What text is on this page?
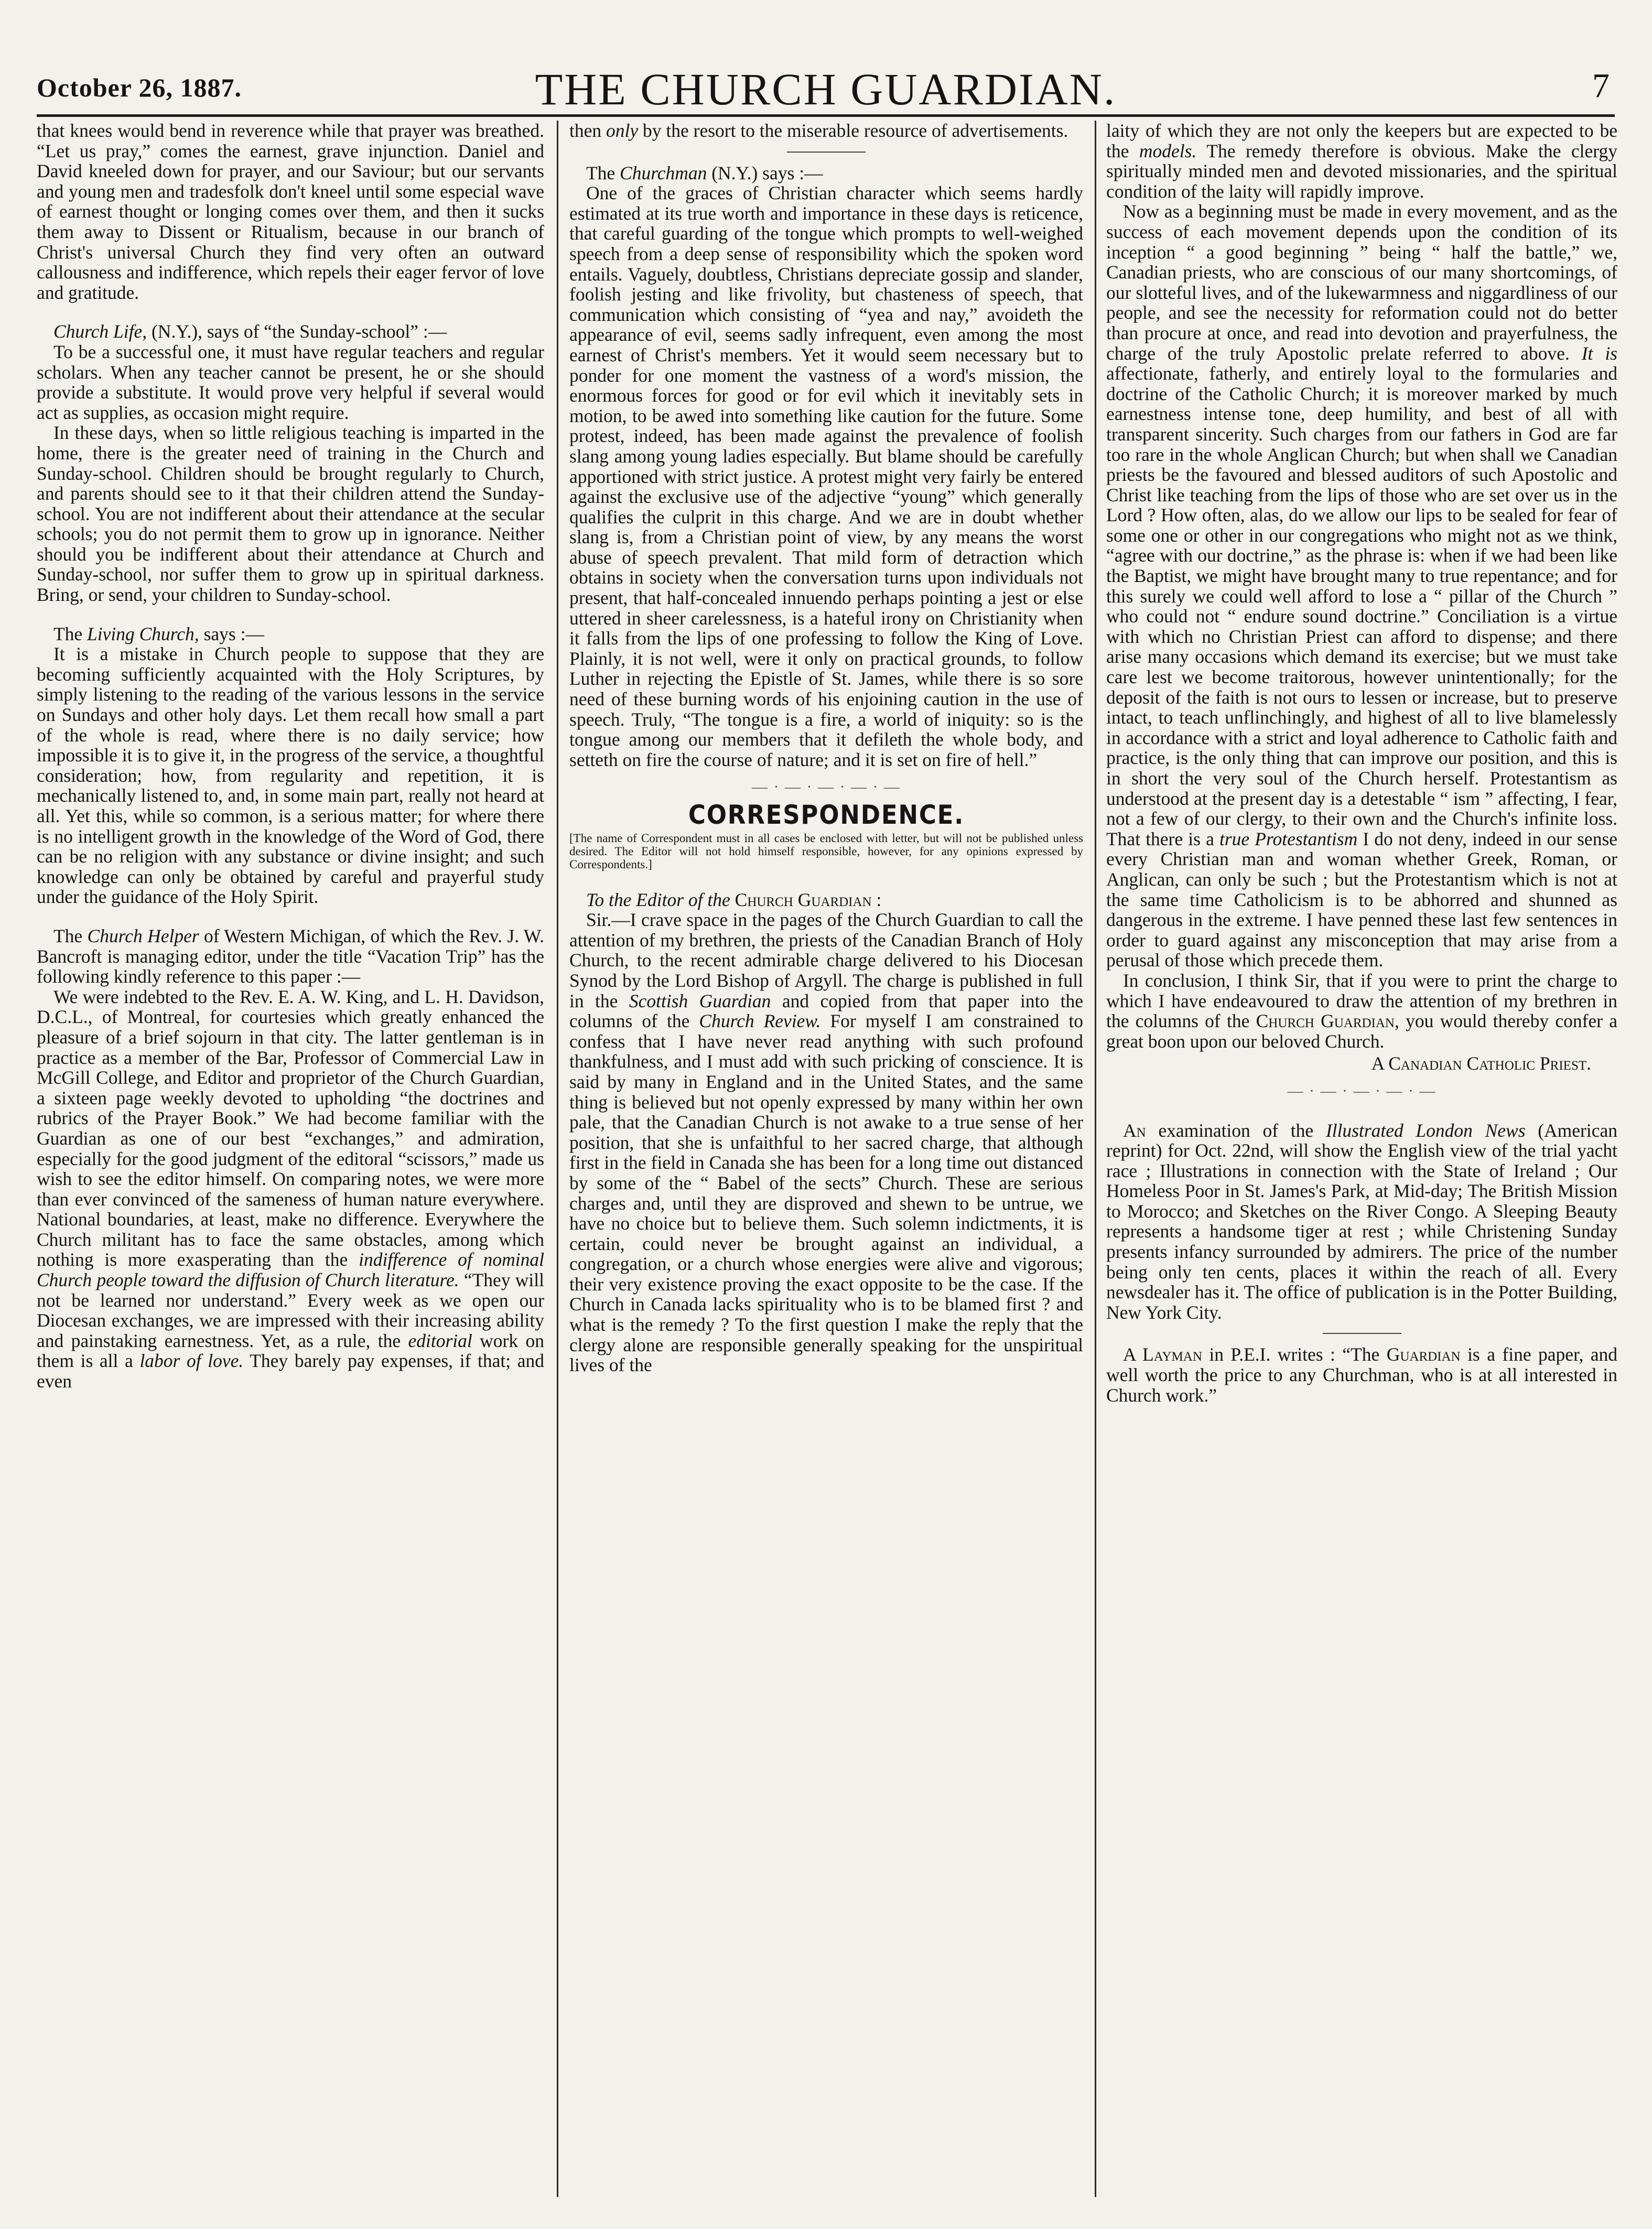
October 26, 1887.	THE CHURCH GUARDIAN.	7

that knees would bend in reverence while that prayer was breathed. “Let us pray,” comes the earnest, grave injunction. Daniel and David kneeled down for prayer, and our Saviour; but our servants and young men and tradesfolk don't kneel until some especial wave of earnest thought or longing comes over them, and then it sucks them away to Dissent or Ritualism, because in our branch of Christ's universal Church they find very often an outward callousness and indifference, which repels their eager fervor of love and gratitude.

Church Life, (N.Y.), says of “the Sunday-school” :—

To be a successful one, it must have regular teachers and regular scholars. When any teacher cannot be present, he or she should provide a substitute. It would prove very helpful if several would act as supplies, as occasion might require.

In these days, when so little religious teaching is imparted in the home, there is the greater need of training in the Church and Sunday-school. Children should be brought regularly to Church, and parents should see to it that their children attend the Sunday-school. You are not indifferent about their attendance at the secular schools; you do not permit them to grow up in ignorance. Neither should you be indifferent about their attendance at Church and Sunday-school, nor suffer them to grow up in spiritual darkness. Bring, or send, your children to Sunday-school.

The Living Church, says :—

It is a mistake in Church people to suppose that they are becoming sufficiently acquainted with the Holy Scriptures, by simply listening to the reading of the various lessons in the service on Sundays and other holy days. Let them recall how small a part of the whole is read, where there is no daily service; how impossible it is to give it, in the progress of the service, a thoughtful consideration; how, from regularity and repetition, it is mechanically listened to, and, in some main part, really not heard at all. Yet this, while so common, is a serious matter; for where there is no intelligent growth in the knowledge of the Word of God, there can be no religion with any substance or divine insight; and such knowledge can only be obtained by careful and prayerful study under the guidance of the Holy Spirit.

The Church Helper of Western Michigan, of which the Rev. J. W. Bancroft is managing editor, under the title “Vacation Trip” has the following kindly reference to this paper :—

We were indebted to the Rev. E. A. W. King, and L. H. Davidson, D.C.L., of Montreal, for courtesies which greatly enhanced the pleasure of a brief sojourn in that city. The latter gentleman is in practice as a member of the Bar, Professor of Commercial Law in McGill College, and Editor and proprietor of the Church Guardian, a sixteen page weekly devoted to upholding “the doctrines and rubrics of the Prayer Book.” We had become familiar with the Guardian as one of our best “exchanges,” and admiration, especially for the good judgment of the editoral “scissors,” made us wish to see the editor himself. On comparing notes, we were more than ever convinced of the sameness of human nature everywhere. National boundaries, at least, make no difference. Everywhere the Church militant has to face the same obstacles, among which nothing is more exasperating than the indifference of nominal Church people toward the diffusion of Church literature. “They will not be learned nor understand.” Every week as we open our Diocesan exchanges, we are impressed with their increasing ability and painstaking earnestness. Yet, as a rule, the editorial work on them is all a labor of love. They barely pay expenses, if that; and even

then only by the resort to the miserable resource of advertisements.

The Churchman (N.Y.) says :—

One of the graces of Christian character which seems hardly estimated at its true worth and importance in these days is reticence, that careful guarding of the tongue which prompts to well-weighed speech from a deep sense of responsibility which the spoken word entails. Vaguely, doubtless, Christians depreciate gossip and slander, foolish jesting and like frivolity, but chasteness of speech, that communication which consisting of “yea and nay,” avoideth the appearance of evil, seems sadly infrequent, even among the most earnest of Christ's members. Yet it would seem necessary but to ponder for one moment the vastness of a word's mission, the enormous forces for good or for evil which it inevitably sets in motion, to be awed into something like caution for the future. Some protest, indeed, has been made against the prevalence of foolish slang among young ladies especially. But blame should be carefully apportioned with strict justice. A protest might very fairly be entered against the exclusive use of the adjective “young” which generally qualifies the culprit in this charge. And we are in doubt whether slang is, from a Christian point of view, by any means the worst abuse of speech prevalent. That mild form of detraction which obtains in society when the conversation turns upon individuals not present, that half-concealed innuendo perhaps pointing a jest or else uttered in sheer carelessness, is a hateful irony on Christianity when it falls from the lips of one professing to follow the King of Love. Plainly, it is not well, were it only on practical grounds, to follow Luther in rejecting the Epistle of St. James, while there is so sore need of these burning words of his enjoining caution in the use of speech. Truly, “The tongue is a fire, a world of iniquity: so is the tongue among our members that it defileth the whole body, and setteth on fire the course of nature; and it is set on fire of hell.”

— · — · — · — · —
CORRESPONDENCE.

[The name of Correspondent must in all cases be enclosed with letter, but will not be published unless desired. The Editor will not hold himself responsible, however, for any opinions expressed by Correspondents.]

To the Editor of the Church Guardian :

Sir.—I crave space in the pages of the Church Guardian to call the attention of my brethren, the priests of the Canadian Branch of Holy Church, to the recent admirable charge delivered to his Diocesan Synod by the Lord Bishop of Argyll. The charge is published in full in the Scottish Guardian and copied from that paper into the columns of the Church Review. For myself I am constrained to confess that I have never read anything with such profound thankfulness, and I must add with such pricking of conscience. It is said by many in England and in the United States, and the same thing is believed but not openly expressed by many within her own pale, that the Canadian Church is not awake to a true sense of her position, that she is unfaithful to her sacred charge, that although first in the field in Canada she has been for a long time out distanced by some of the “ Babel of the sects” Church. These are serious charges and, until they are disproved and shewn to be untrue, we have no choice but to believe them. Such solemn indictments, it is certain, could never be brought against an individual, a congregation, or a church whose energies were alive and vigorous; their very existence proving the exact opposite to be the case. If the Church in Canada lacks spirituality who is to be blamed first ? and what is the remedy ? To the first question I make the reply that the clergy alone are responsible generally speaking for the unspiritual lives of the

laity of which they are not only the keepers but are expected to be the models. The remedy therefore is obvious. Make the clergy spiritually minded men and devoted missionaries, and the spiritual condition of the laity will rapidly improve.

Now as a beginning must be made in every movement, and as the success of each movement depends upon the condition of its inception “ a good beginning ” being “ half the battle,” we, Canadian priests, who are conscious of our many shortcomings, of our slotteful lives, and of the lukewarmness and niggardliness of our people, and see the necessity for reformation could not do better than procure at once, and read into devotion and prayerfulness, the charge of the truly Apostolic prelate referred to above. It is affectionate, fatherly, and entirely loyal to the formularies and doctrine of the Catholic Church; it is moreover marked by much earnestness intense tone, deep humility, and best of all with transparent sincerity. Such charges from our fathers in God are far too rare in the whole Anglican Church; but when shall we Canadian priests be the favoured and blessed auditors of such Apostolic and Christ like teaching from the lips of those who are set over us in the Lord ? How often, alas, do we allow our lips to be sealed for fear of some one or other in our congregations who might not as we think, “agree with our doctrine,” as the phrase is: when if we had been like the Baptist, we might have brought many to true repentance; and for this surely we could well afford to lose a “ pillar of the Church ” who could not “ endure sound doctrine.” Conciliation is a virtue with which no Christian Priest can afford to dispense; and there arise many occasions which demand its exercise; but we must take care lest we become traitorous, however unintentionally; for the deposit of the faith is not ours to lessen or increase, but to preserve intact, to teach unflinchingly, and highest of all to live blamelessly in accordance with a strict and loyal adherence to Catholic faith and practice, is the only thing that can improve our position, and this is in short the very soul of the Church herself. Protestantism as understood at the present day is a detestable “ ism ” affecting, I fear, not a few of our clergy, to their own and the Church's infinite loss. That there is a true Protestantism I do not deny, indeed in our sense every Christian man and woman whether Greek, Roman, or Anglican, can only be such ; but the Protestantism which is not at the same time Catholicism is to be abhorred and shunned as dangerous in the extreme. I have penned these last few sentences in order to guard against any misconception that may arise from a perusal of those which precede them.

In conclusion, I think Sir, that if you were to print the charge to which I have endeavoured to draw the attention of my brethren in the columns of the Church Guardian, you would thereby confer a great boon upon our beloved Church.

A Canadian Catholic Priest.

— · — · — · — · —

An examination of the Illustrated London News (American reprint) for Oct. 22nd, will show the English view of the trial yacht race ; Illustrations in connection with the State of Ireland ; Our Homeless Poor in St. James's Park, at Mid-day; The British Mission to Morocco; and Sketches on the River Congo. A Sleeping Beauty represents a handsome tiger at rest ; while Christening Sunday presents infancy surrounded by admirers. The price of the number being only ten cents, places it within the reach of all. Every newsdealer has it. The office of publication is in the Potter Building, New York City.

A Layman in P.E.I. writes : “The Guardian is a fine paper, and well worth the price to any Churchman, who is at all interested in Church work.”
